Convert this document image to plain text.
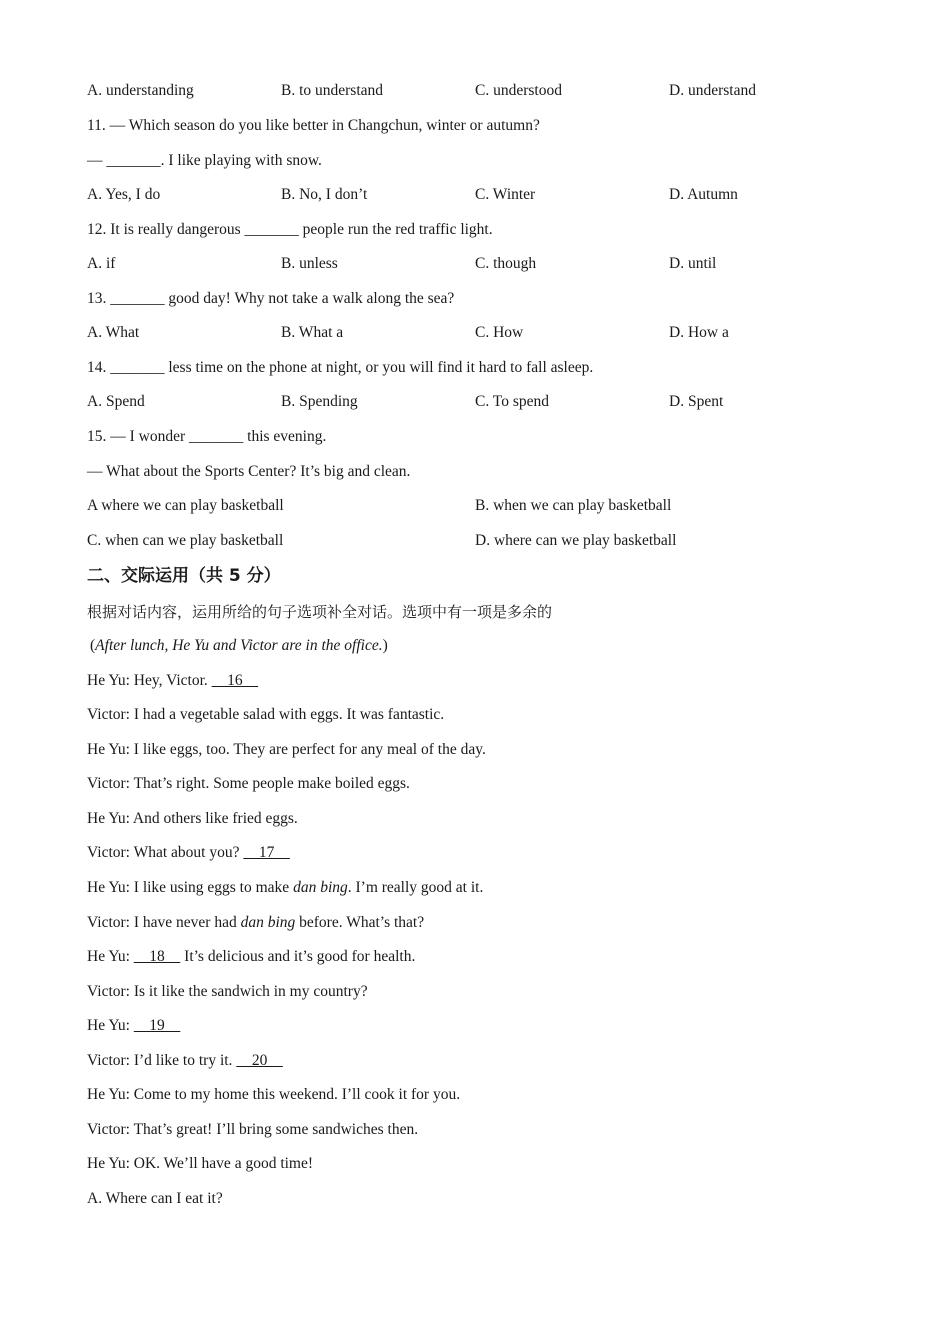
A. understanding	B. to understand	C. understood	D. understand
11. — Which season do you like better in Changchun, winter or autumn?
— _______. I like playing with snow.
A. Yes, I do	B. No, I don’t	C. Winter	D. Autumn
12. It is really dangerous _______ people run the red traffic light.
A. if	B. unless	C. though	D. until
13. _______ good day! Why not take a walk along the sea?
A. What	B. What a	C. How	D. How a
14. _______ less time on the phone at night, or you will find it hard to fall asleep.
A. Spend	B. Spending	C. To spend	D. Spent
15. — I wonder _______ this evening.
— What about the Sports Center? It’s big and clean.
A where we can play basketball	B. when we can play basketball
C. when can we play basketball	D. where can we play basketball
二、交际运用（共 5 分）
根据对话内容，运用所给的句子选项补全对话。选项中有一项是多余的
(After lunch, He Yu and Victor are in the office.)
He Yu: Hey, Victor.     16
Victor: I had a vegetable salad with eggs. It was fantastic.
He Yu: I like eggs, too. They are perfect for any meal of the day.
Victor: That’s right. Some people make boiled eggs.
He Yu: And others like fried eggs.
Victor: What about you?     17
He Yu: I like using eggs to make dan bing. I’m really good at it.
Victor: I have never had dan bing before. What’s that?
He Yu:     18     It’s delicious and it’s good for health.
Victor: Is it like the sandwich in my country?
He Yu:     19
Victor: I’d like to try it.     20
He Yu: Come to my home this weekend. I’ll cook it for you.
Victor: That’s great! I’ll bring some sandwiches then.
He Yu: OK. We’ll have a good time!
A. Where can I eat it?
